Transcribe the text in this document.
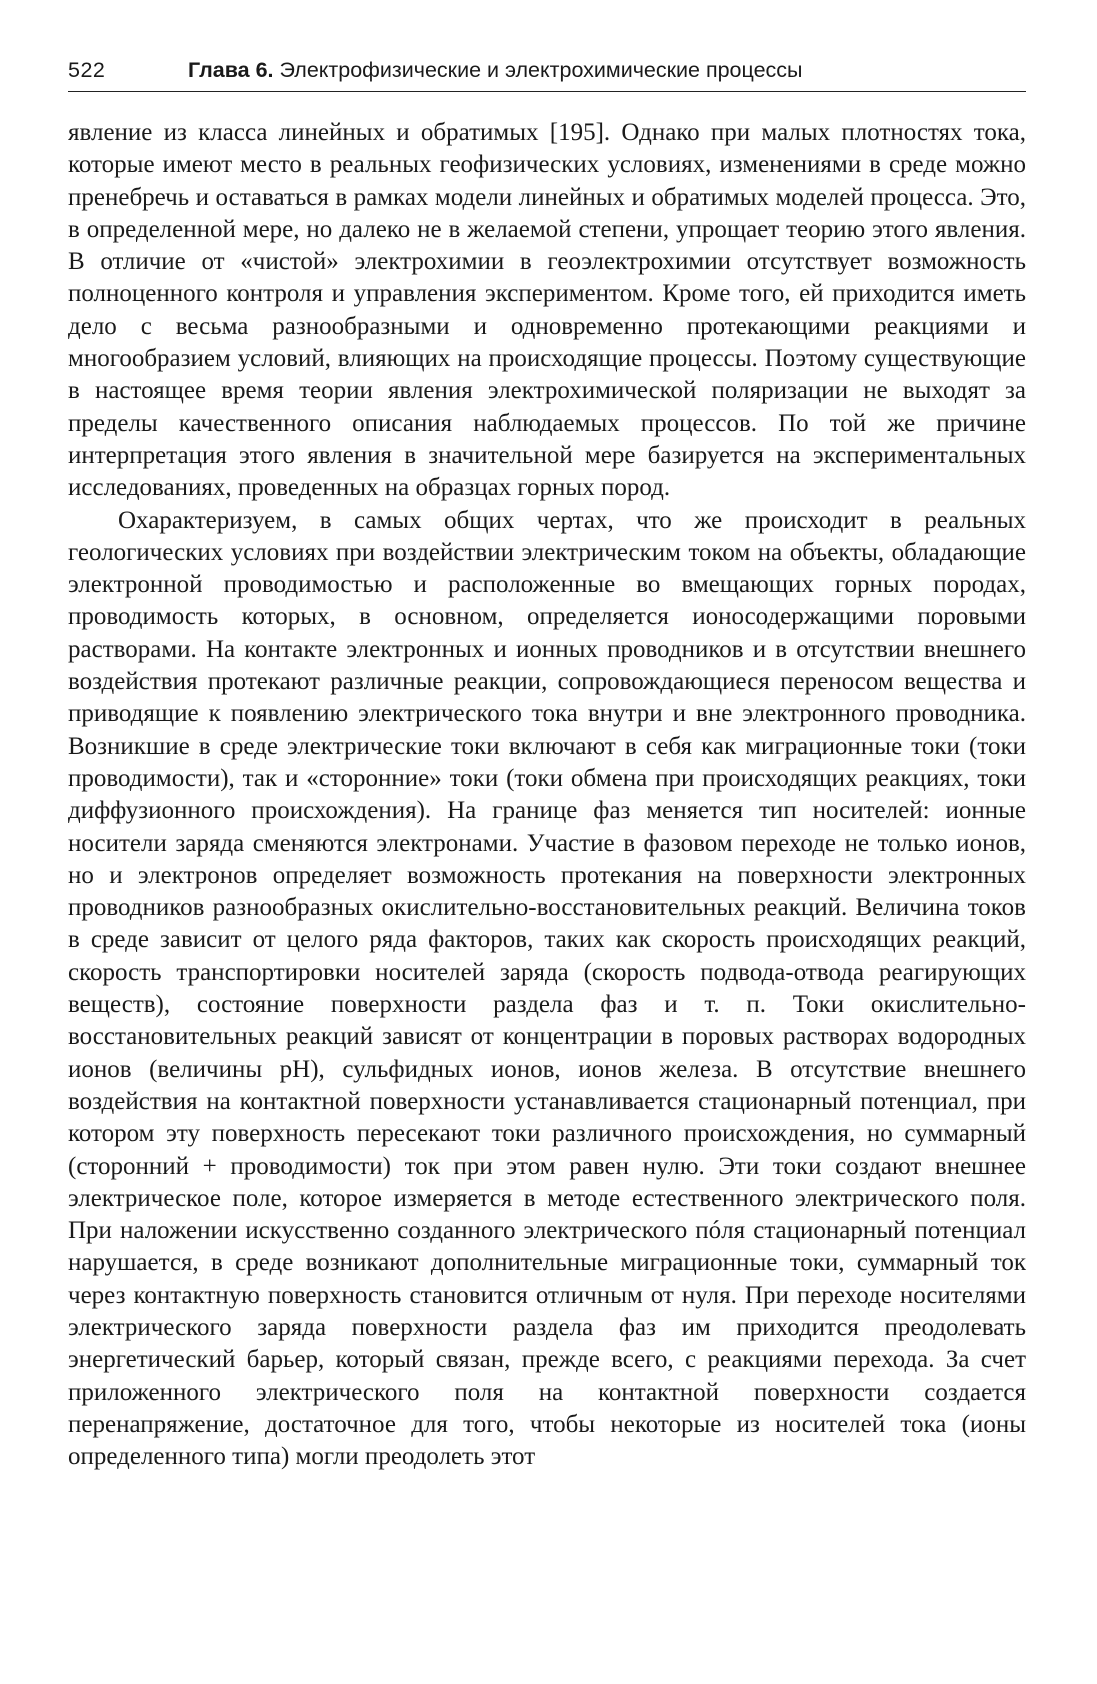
522	Глава 6. Электрофизические и электрохимические процессы

явление из класса линейных и обратимых [195]. Однако при малых плотностях тока, которые имеют место в реальных геофизических условиях, изменениями в среде можно пренебречь и оставаться в рамках модели линейных и обратимых моделей процесса. Это, в определенной мере, но далеко не в желаемой степени, упрощает теорию этого явления. В отличие от «чистой» электрохимии в геоэлектрохимии отсутствует возможность полноценного контроля и управления экспериментом. Кроме того, ей приходится иметь дело с весьма разнообразными и одновременно протекающими реакциями и многообразием условий, влияющих на происходящие процессы. Поэтому существующие в настоящее время теории явления электрохимической поляризации не выходят за пределы качественного описания наблюдаемых процессов. По той же причине интерпретация этого явления в значительной мере базируется на экспериментальных исследованиях, проведенных на образцах горных пород.

Охарактеризуем, в самых общих чертах, что же происходит в реальных геологических условиях при воздействии электрическим током на объекты, обладающие электронной проводимостью и расположенные во вмещающих горных породах, проводимость которых, в основном, определяется ионосодержащими поровыми растворами. На контакте электронных и ионных проводников и в отсутствии внешнего воздействия протекают различные реакции, сопровождающиеся переносом вещества и приводящие к появлению электрического тока внутри и вне электронного проводника. Возникшие в среде электрические токи включают в себя как миграционные токи (токи проводимости), так и «сторонние» токи (токи обмена при происходящих реакциях, токи диффузионного происхождения). На границе фаз меняется тип носителей: ионные носители заряда сменяются электронами. Участие в фазовом переходе не только ионов, но и электронов определяет возможность протекания на поверхности электронных проводников разнообразных окислительно-восстановительных реакций. Величина токов в среде зависит от целого ряда факторов, таких как скорость происходящих реакций, скорость транспортировки носителей заряда (скорость подвода-отвода реагирующих веществ), состояние поверхности раздела фаз и т. п. Токи окислительно-восстановительных реакций зависят от концентрации в поровых растворах водородных ионов (величины pH), сульфидных ионов, ионов железа. В отсутствие внешнего воздействия на контактной поверхности устанавливается стационарный потенциал, при котором эту поверхность пересекают токи различного происхождения, но суммарный (сторонний + проводимости) ток при этом равен нулю. Эти токи создают внешнее электрическое поле, которое измеряется в методе естественного электрического поля. При наложении искусственно созданного электрического пóля стационарный потенциал нарушается, в среде возникают дополнительные миграционные токи, суммарный ток через контактную поверхность становится отличным от нуля. При переходе носителями электрического заряда поверхности раздела фаз им приходится преодолевать энергетический барьер, который связан, прежде всего, с реакциями перехода. За счет приложенного электрического поля на контактной поверхности создается перенапряжение, достаточное для того, чтобы некоторые из носителей тока (ионы определенного типа) могли преодолеть этот
